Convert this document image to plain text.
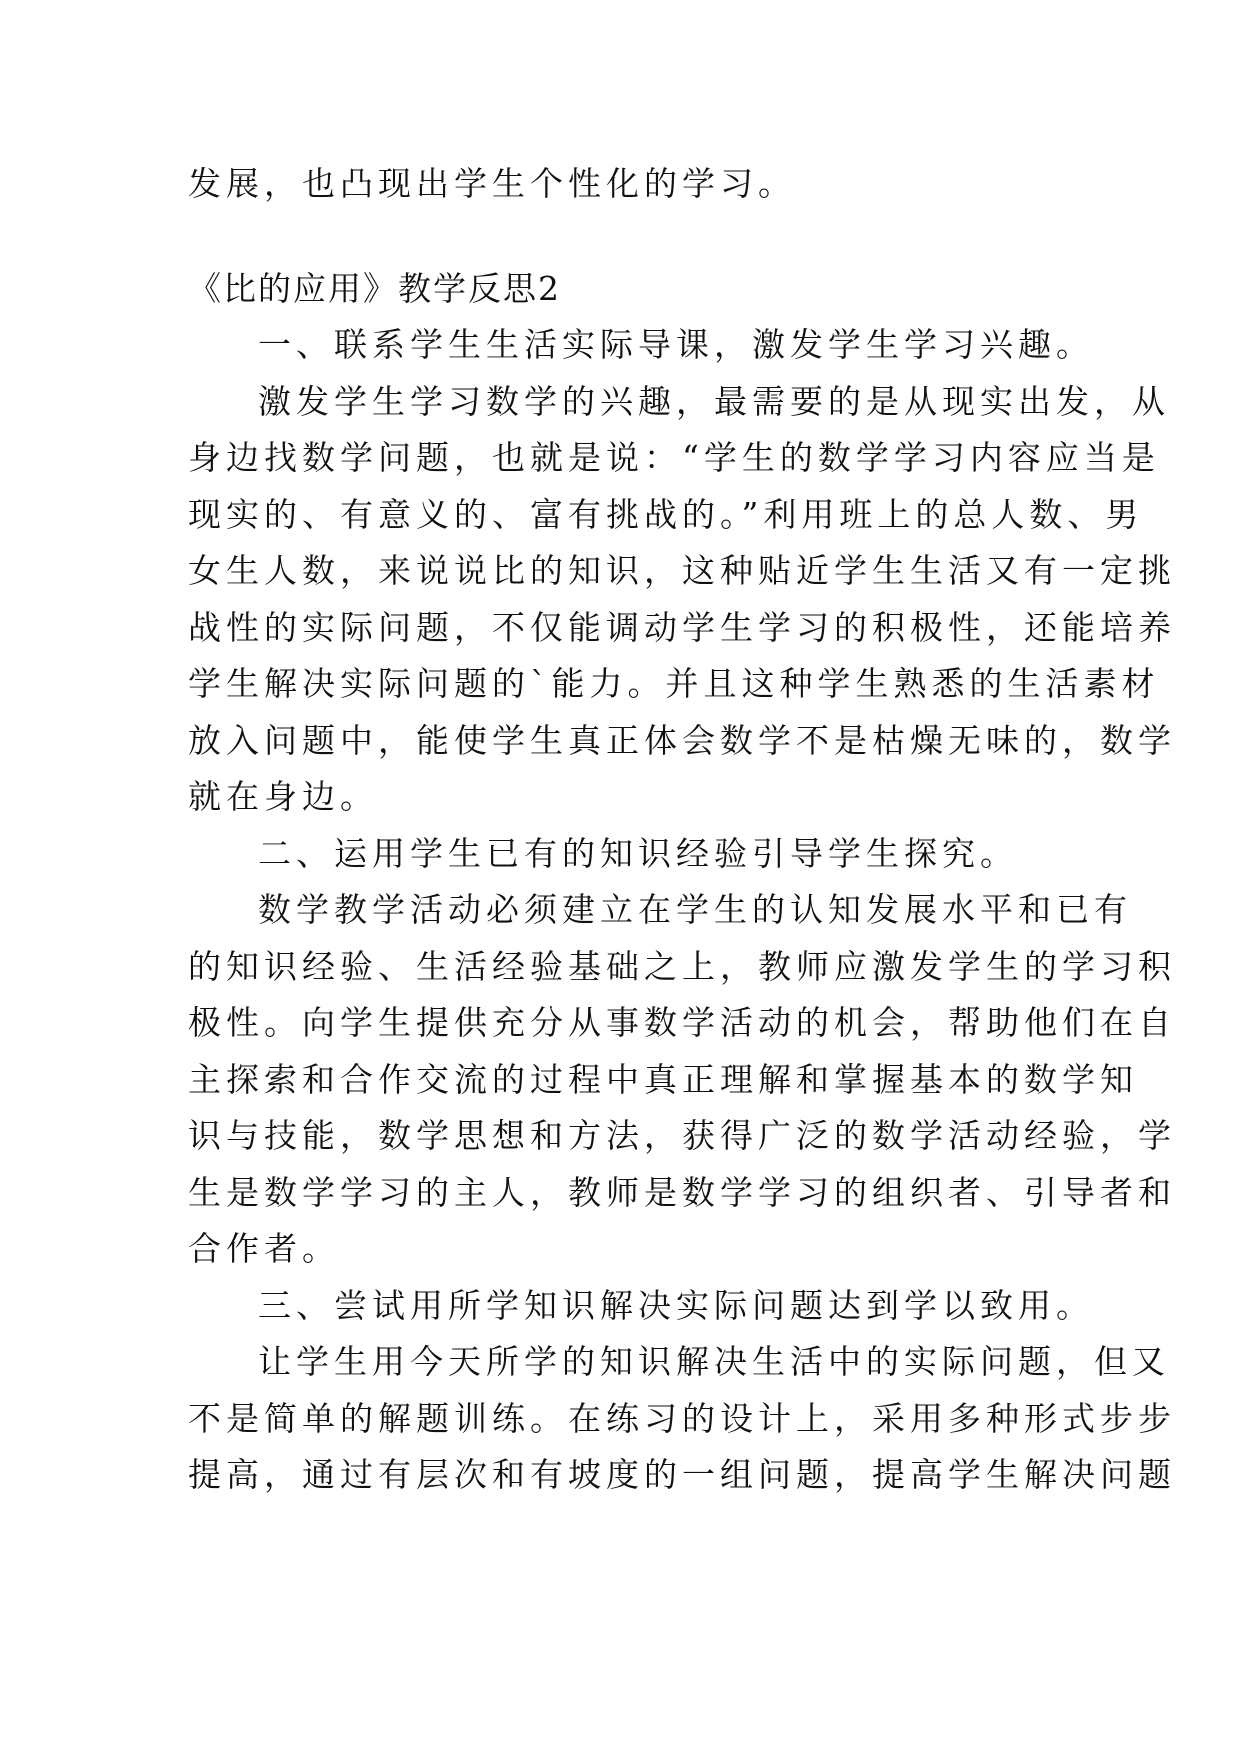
发展，也凸现出学生个性化的学习。
《比的应用》教学反思2
一、联系学生生活实际导课，激发学生学习兴趣。
激发学生学习数学的兴趣，最需要的是从现实出发，从
身边找数学问题，也就是说：“学生的数学学习内容应当是
现实的、有意义的、富有挑战的。”利用班上的总人数、男
女生人数，来说说比的知识，这种贴近学生生活又有一定挑
战性的实际问题，不仅能调动学生学习的积极性，还能培养
学生解决实际问题的`能力。并且这种学生熟悉的生活素材
放入问题中，能使学生真正体会数学不是枯燥无味的，数学
就在身边。
二、运用学生已有的知识经验引导学生探究。
数学教学活动必须建立在学生的认知发展水平和已有
的知识经验、生活经验基础之上，教师应激发学生的学习积
极性。向学生提供充分从事数学活动的机会，帮助他们在自
主探索和合作交流的过程中真正理解和掌握基本的数学知
识与技能，数学思想和方法，获得广泛的数学活动经验，学
生是数学学习的主人，教师是数学学习的组织者、引导者和
合作者。
三、尝试用所学知识解决实际问题达到学以致用。
让学生用今天所学的知识解决生活中的实际问题，但又
不是简单的解题训练。在练习的设计上，采用多种形式步步
提高，通过有层次和有坡度的一组问题，提高学生解决问题
